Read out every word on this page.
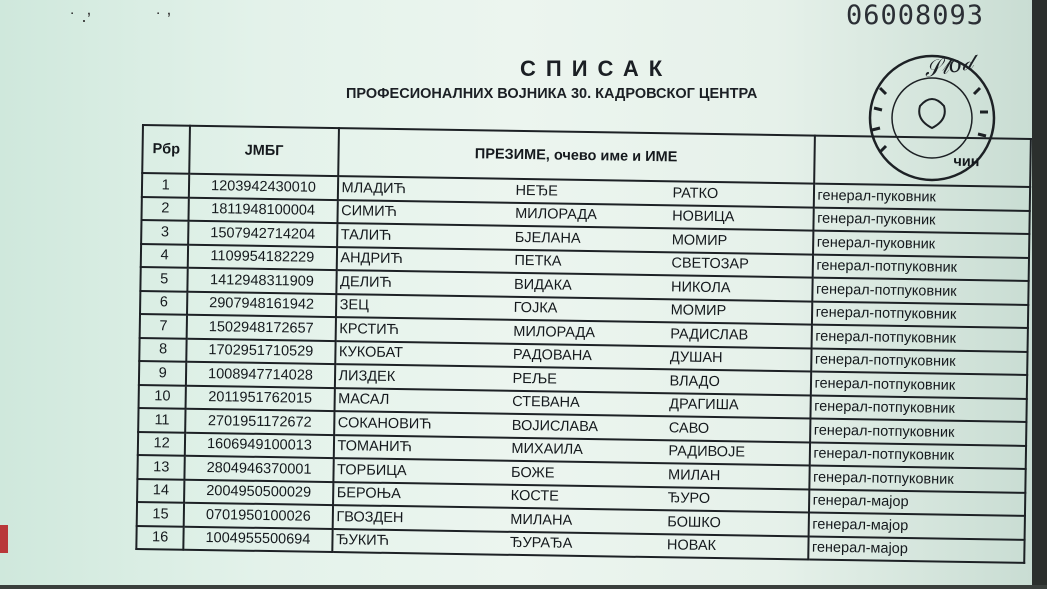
˙ ·ʼ             ˙ ʼ	06008093
СПИСАК
ПРОФЕСИОНАЛНИХ ВОЈНИКА 30. КАДРОВСКОГ ЦЕНТРА
𝒮𝓉𝑜𝒹
Рбр	ЈМБГ	ПРЕЗИМЕ, очево име и ИМЕ	чин
1	1203942430010	МЛАДИЋ НЕЂЕ РАТКО	генерал-пуковник
2	1811948100004	СИМИЋ МИЛОРАДА НОВИЦА	генерал-пуковник
3	1507942714204	ТАЛИЋ БЈЕЛАНА МОМИР	генерал-пуковник
4	1109954182229	АНДРИЋ ПЕТКА СВЕТОЗАР	генерал-потпуковник
5	1412948311909	ДЕЛИЋ ВИДАКА НИКОЛА	генерал-потпуковник
6	2907948161942	ЗЕЦ ГОЈКА МОМИР	генерал-потпуковник
7	1502948172657	КРСТИЋ МИЛОРАДА РАДИСЛАВ	генерал-потпуковник
8	1702951710529	КУКОБАТ РАДОВАНА ДУШАН	генерал-потпуковник
9	1008947714028	ЛИЗДЕК РЕЉЕ ВЛАДО	генерал-потпуковник
10	2011951762015	МАСАЛ СТЕВАНА ДРАГИША	генерал-потпуковник
11	2701951172672	СОКАНОВИЋ ВОЈИСЛАВА САВО	генерал-потпуковник
12	1606949100013	ТОМАНИЋ МИХАИЛА РАДИВОЈЕ	генерал-потпуковник
13	2804946370001	ТОРБИЦА БОЖЕ МИЛАН	генерал-потпуковник
14	2004950500029	БЕРОЊА КОСТЕ ЂУРО	генерал-мајор
15	0701950100026	ГВОЗДЕН МИЛАНА БОШКО	генерал-мајор
16	1004955500694	ЂУКИЋ ЂУРАЂА НОВАК	генерал-мајор
